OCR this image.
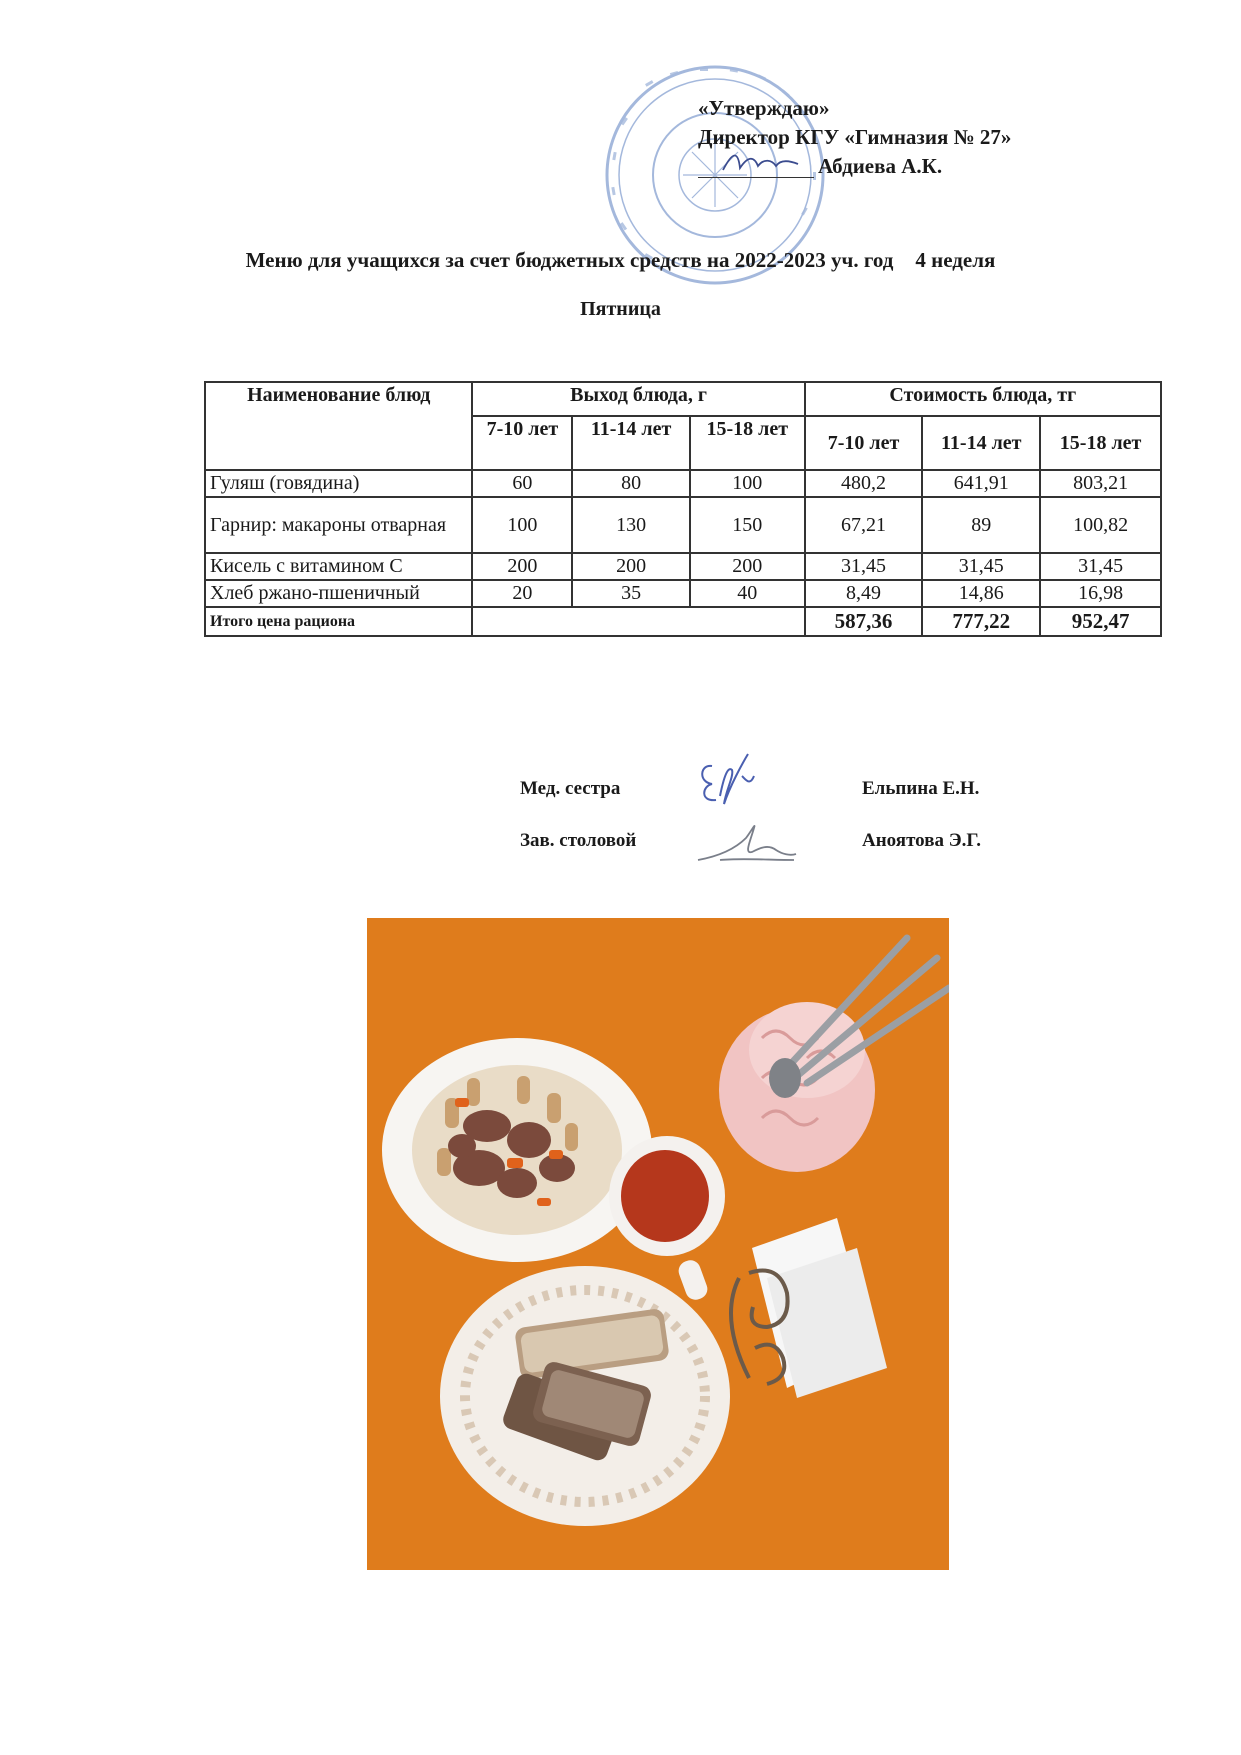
«Утверждаю»
Директор КГУ «Гимназия № 27»
Абдиева А.К.
Меню для учащихся за счет бюджетных средств на 2022-2023 уч. год 4 неделя
Пятница
Наименование блюд	Выход блюда, г			Стоимость блюда, тг		
	7-10 лет	11-14 лет	15-18 лет	7-10 лет	11-14 лет	15-18 лет
Гуляш (говядина)	60	80	100	480,2	641,91	803,21
Гарнир: макароны отварная	100	130	150	67,21	89	100,82
Кисель с витамином С	200	200	200	31,45	31,45	31,45
Хлеб ржано-пшеничный	20	35	40	8,49	14,86	16,98
Итого цена рациона				587,36	777,22	952,47
Мед. сестра	Ельпина Е.Н.
Зав. столовой	Аноятова Э.Г.
